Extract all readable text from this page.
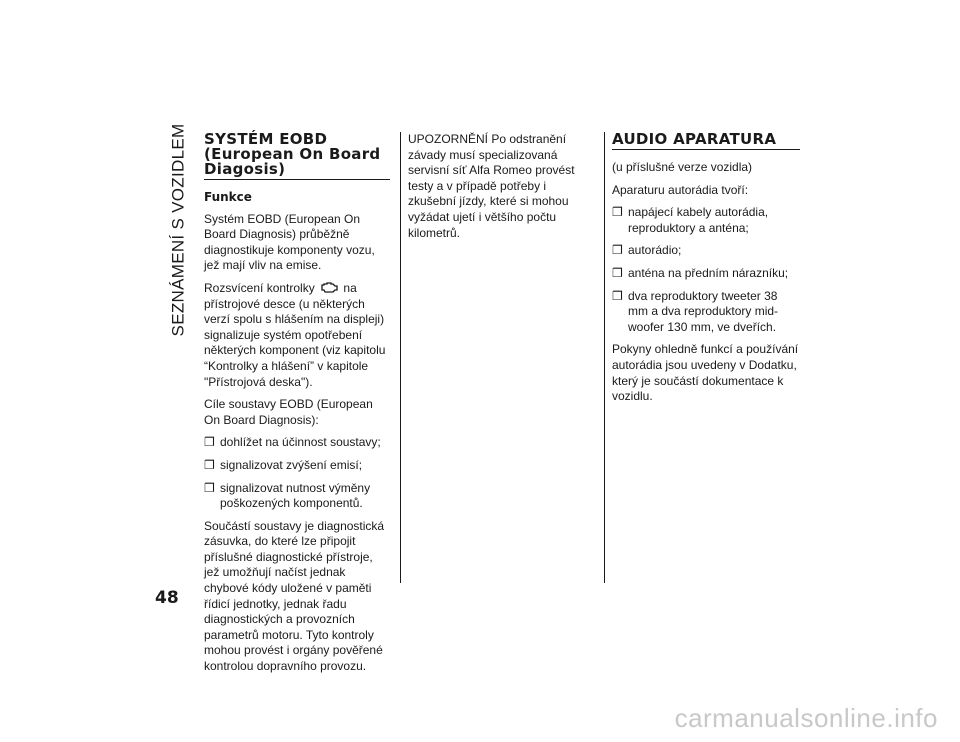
SEZNÁMENÍ S VOZIDLEM SYSTÉM EOBD (European On Board Diagosis)
Funkce

Systém EOBD (European On Board Diagnosis) průběžně diagnostikuje komponenty vozu, jež mají vliv na emise.

Rozsvícení kontrolky na přístrojové desce (u některých verzí spolu s hlášením na displeji) signalizuje systém opotřebení některých komponent (viz kapitolu “Kontrolky a hlášení” v kapitole "Přístrojová deska").

Cíle soustavy EOBD (European On Board Diagnosis):

❒ dohlížet na účinnost soustavy;
❒ signalizovat zvýšení emisí;
❒ signalizovat nutnost výměny poškozených komponentů.

Součástí soustavy je diagnostická zásuvka, do které lze připojit příslušné diagnostické přístroje, jež umožňují načíst jednak chybové kódy uložené v paměti řídicí jednotky, jednak řadu diagnostických a provozních parametrů motoru. Tyto kontroly mohou provést i orgány pověřené kontrolou dopravního provozu.

UPOZORNĚNÍ Po odstranění závady musí specializovaná servisní síť Alfa Romeo provést testy a v případě potřeby i zkušební jízdy, které si mohou vyžádat ujetí i většího počtu kilometrů.

AUDIO APARATURA

(u příslušné verze vozidla)

Aparaturu autorádia tvoří:

❒ napájecí kabely autorádia, reproduktory a anténa;
❒ autorádio;
❒ anténa na předním nárazníku;
❒ dva reproduktory tweeter 38 mm a dva reproduktory mid-woofer 130 mm, ve dveřích.

Pokyny ohledně funkcí a používání autorádia jsou uvedeny v Dodatku, který je součástí dokumentace k vozidlu.

48
carmanualsonline.info
